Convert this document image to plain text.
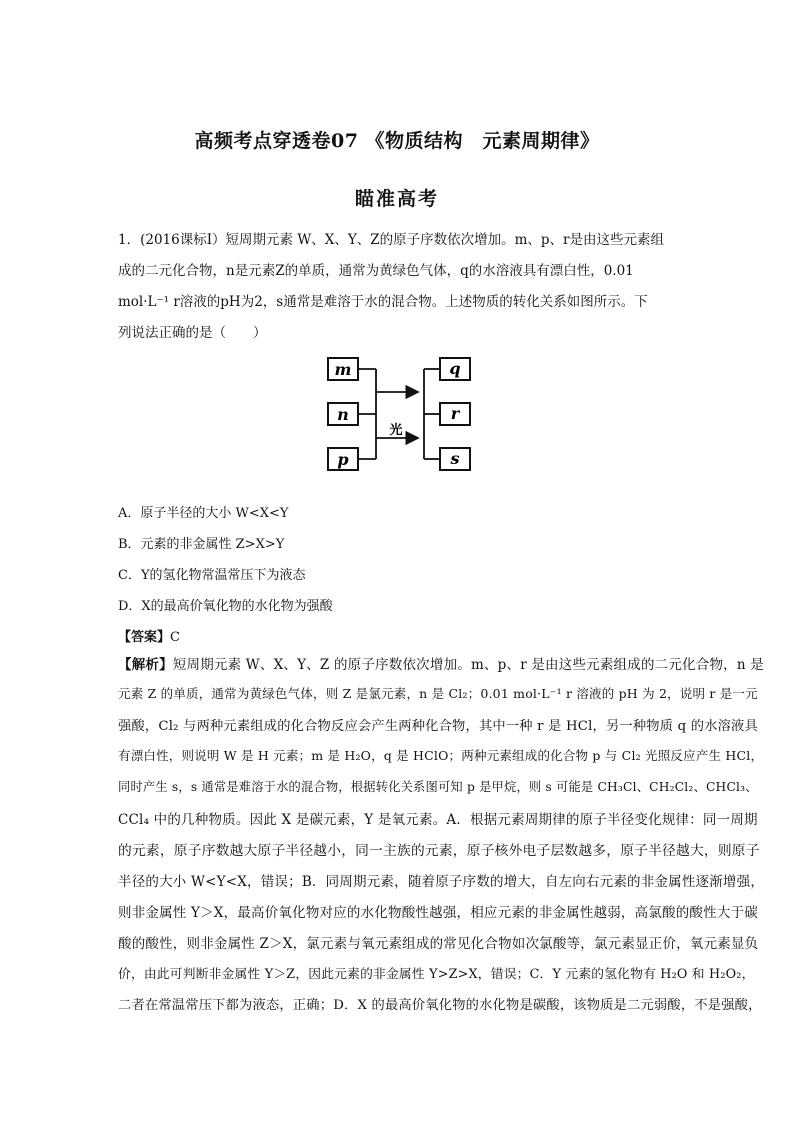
高频考点穿透卷07 《物质结构　元素周期律》
瞄准高考
1．(2016课标Ⅰ）短周期元素 W、X、Y、Z的原子序数依次增加。m、p、r是由这些元素组
成的二元化合物，n是元素Z的单质，通常为黄绿色气体，q的水溶液具有漂白性，0.01
mol·L⁻¹ r溶液的pH为2，s通常是难溶于水的混合物。上述物质的转化关系如图所示。下
列说法正确的是（　　）
m
n
p
光
q
r
s
A．原子半径的大小 W<X<Y
B．元素的非金属性 Z>X>Y
C．Y的氢化物常温常压下为液态
D．X的最高价氧化物的水化物为强酸
【答案】C
【解析】短周期元素 W、X、Y、Z 的原子序数依次增加。m、p、r 是由这些元素组成的二元化合物，n 是
元素 Z 的单质，通常为黄绿色气体，则 Z 是氯元素，n 是 Cl₂；0.01 mol·L⁻¹ r 溶液的 pH 为 2，说明 r 是一元
强酸，Cl₂ 与两种元素组成的化合物反应会产生两种化合物，其中一种 r 是 HCl，另一种物质 q 的水溶液具
有漂白性，则说明 W 是 H 元素；m 是 H₂O，q 是 HClO；两种元素组成的化合物 p 与 Cl₂ 光照反应产生 HCl，
同时产生 s，s 通常是难溶于水的混合物，根据转化关系图可知 p 是甲烷，则 s 可能是 CH₃Cl、CH₂Cl₂、CHCl₃、
CCl₄ 中的几种物质。因此 X 是碳元素，Y 是氧元素。A．根据元素周期律的原子半径变化规律：同一周期
的元素，原子序数越大原子半径越小，同一主族的元素，原子核外电子层数越多，原子半径越大，则原子
半径的大小 W<Y<X，错误；B．同周期元素，随着原子序数的增大，自左向右元素的非金属性逐渐增强，
则非金属性 Y＞X，最高价氧化物对应的水化物酸性越强，相应元素的非金属性越弱，高氯酸的酸性大于碳
酸的酸性，则非金属性 Z＞X，氯元素与氧元素组成的常见化合物如次氯酸等，氯元素显正价，氧元素显负
价，由此可判断非金属性 Y＞Z，因此元素的非金属性 Y>Z>X，错误；C．Y 元素的氢化物有 H₂O 和 H₂O₂，
二者在常温常压下都为液态，正确；D．X 的最高价氧化物的水化物是碳酸，该物质是二元弱酸，不是强酸，
